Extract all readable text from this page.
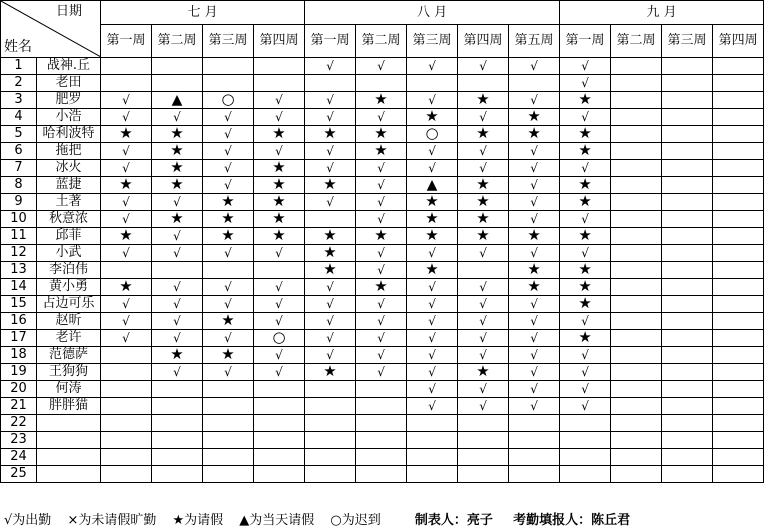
日期
姓名		七 月				八 月					九 月			
		第一周	第二周	第三周	第四周	第一周	第二周	第三周	第四周	第五周	第一周	第二周	第三周	第四周
1	战神.丘					√	√	√	√	√	√			
2	老田										√			
3	肥罗	√	▲	○	√	√	★	√	★	√	★			
4	小浩	√	√	√	√	√	√	★	√	★	√			
5	哈利波特	★	★	√	★	★	★	○	★	★	★			
6	拖把	√	★	√	√	√	★	√	√	√	★			
7	冰火	√	★	√	★	√	√	√	√	√	√			
8	蓝捷	★	★	√	★	★	√	▲	★	√	★			
9	土著	√	√	★	★	√	√	★	★	√	★			
10	秋意浓	√	★	★	★		√	★	★	√	√			
11	邱菲	★	√	★	★	★	★	★	★	★	★			
12	小武	√	√	√	√	★	√	√	√	√	√			
13	李泊伟					★	√	★		★	★			
14	黄小勇	★	√	√	√	√	★	√	√	★	★			
15	占边可乐	√	√	√	√	√	√	√	√	√	★			
16	赵昕	√	√	★	√	√	√	√	√	√	√			
17	老许	√	√	√	○	√	√	√	√	√	★			
18	范德萨		★	★	√	√	√	√	√	√	√			
19	王狗狗		√	√	√	★	√	√	★	√	√			
20	何涛							√	√	√	√			
21	胖胖猫							√	√	√	√			
22														
23														
24														
25														
√为出勤 ×为未请假旷勤 ★为请假 ▲为当天请假 ○为迟到	制表人：亮子 考勤填报人：陈丘君
